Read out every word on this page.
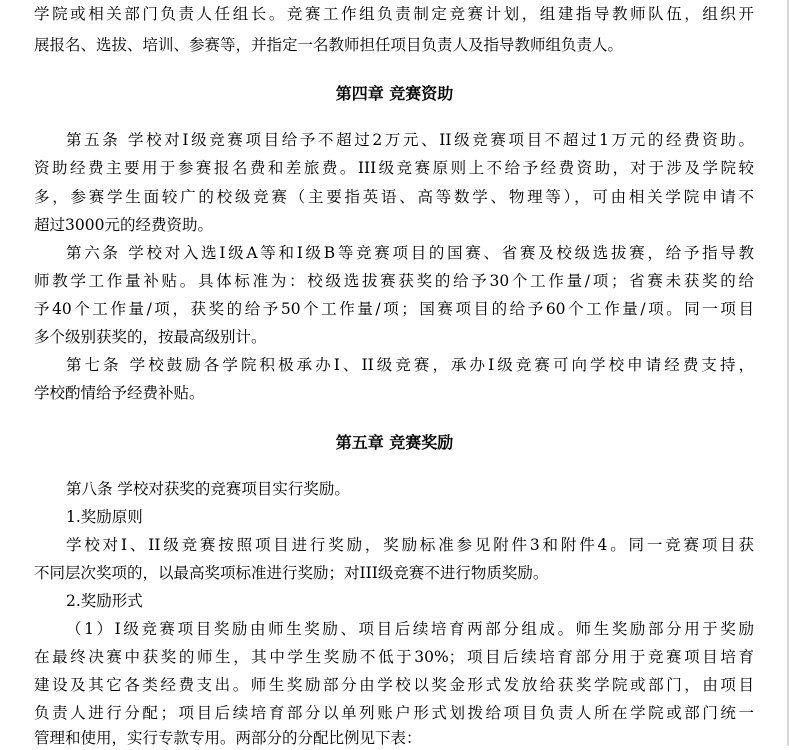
学院或相关部门负责人任组长。竞赛工作组负责制定竞赛计划，组建指导教师队伍，组织开
展报名、选拔、培训、参赛等，并指定一名教师担任项目负责人及指导教师组负责人。
第四章 竞赛资助
第五条 学校对I级竞赛项目给予不超过2万元、II级竞赛项目不超过1万元的经费资助。
资助经费主要用于参赛报名费和差旅费。III级竞赛原则上不给予经费资助，对于涉及学院较
多，参赛学生面较广的校级竞赛（主要指英语、高等数学、物理等），可由相关学院申请不
超过3000元的经费资助。
第六条 学校对入选I级A等和I级B等竞赛项目的国赛、省赛及校级选拔赛，给予指导教
师教学工作量补贴。具体标准为：校级选拔赛获奖的给予30个工作量/项；省赛未获奖的给
予40个工作量/项，获奖的给予50个工作量/项；国赛项目的给予60个工作量/项。同一项目
多个级别获奖的，按最高级别计。
第七条 学校鼓励各学院积极承办I、II级竞赛，承办I级竞赛可向学校申请经费支持，
学校酌情给予经费补贴。
第五章 竞赛奖励
第八条 学校对获奖的竞赛项目实行奖励。
1.奖励原则
学校对I、II级竞赛按照项目进行奖励，奖励标准参见附件3和附件4。同一竞赛项目获
不同层次奖项的，以最高奖项标准进行奖励；对III级竞赛不进行物质奖励。
2.奖励形式
（1）I级竞赛项目奖励由师生奖励、项目后续培育两部分组成。师生奖励部分用于奖励
在最终决赛中获奖的师生，其中学生奖励不低于30%；项目后续培育部分用于竞赛项目培育
建设及其它各类经费支出。师生奖励部分由学校以奖金形式发放给获奖学院或部门，由项目
负责人进行分配；项目后续培育部分以单列账户形式划拨给项目负责人所在学院或部门统一
管理和使用，实行专款专用。两部分的分配比例见下表：
